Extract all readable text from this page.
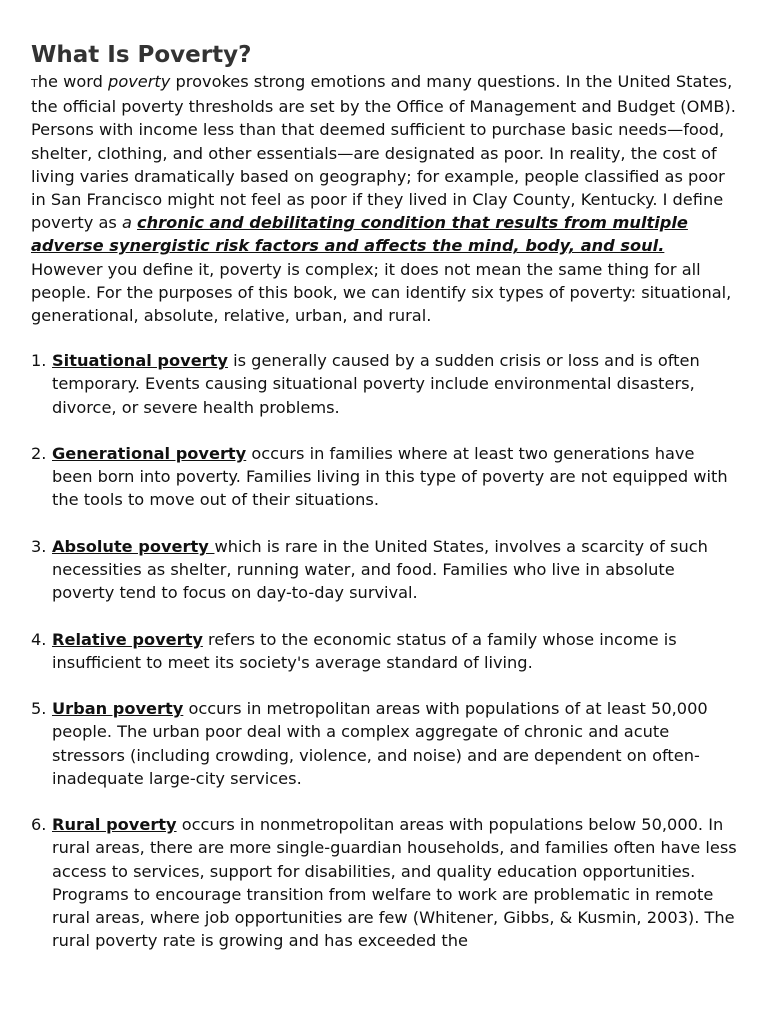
What Is Poverty?

The word poverty provokes strong emotions and many questions. In the United States, the official poverty thresholds are set by the Office of Management and Budget (OMB). Persons with income less than that deemed sufficient to purchase basic needs—food, shelter, clothing, and other essentials—are designated as poor. In reality, the cost of living varies dramatically based on geography; for example, people classified as poor in San Francisco might not feel as poor if they lived in Clay County, Kentucky. I define poverty as a chronic and debilitating condition that results from multiple adverse synergistic risk factors and affects the mind, body, and soul. However you define it, poverty is complex; it does not mean the same thing for all people. For the purposes of this book, we can identify six types of poverty: situational, generational, absolute, relative, urban, and rural.

1. Situational poverty is generally caused by a sudden crisis or loss and is often temporary. Events causing situational poverty include environmental disasters, divorce, or severe health problems.
2. Generational poverty occurs in families where at least two generations have been born into poverty. Families living in this type of poverty are not equipped with the tools to move out of their situations.
3. Absolute poverty which is rare in the United States, involves a scarcity of such necessities as shelter, running water, and food. Families who live in absolute poverty tend to focus on day-to-day survival.
4. Relative poverty refers to the economic status of a family whose income is insufficient to meet its society's average standard of living.
5. Urban poverty occurs in metropolitan areas with populations of at least 50,000 people. The urban poor deal with a complex aggregate of chronic and acute stressors (including crowding, violence, and noise) and are dependent on often-inadequate large-city services.
6. Rural poverty occurs in nonmetropolitan areas with populations below 50,000. In rural areas, there are more single-guardian households, and families often have less access to services, support for disabilities, and quality education opportunities. Programs to encourage transition from welfare to work are problematic in remote rural areas, where job opportunities are few (Whitener, Gibbs, & Kusmin, 2003). The rural poverty rate is growing and has exceeded the
